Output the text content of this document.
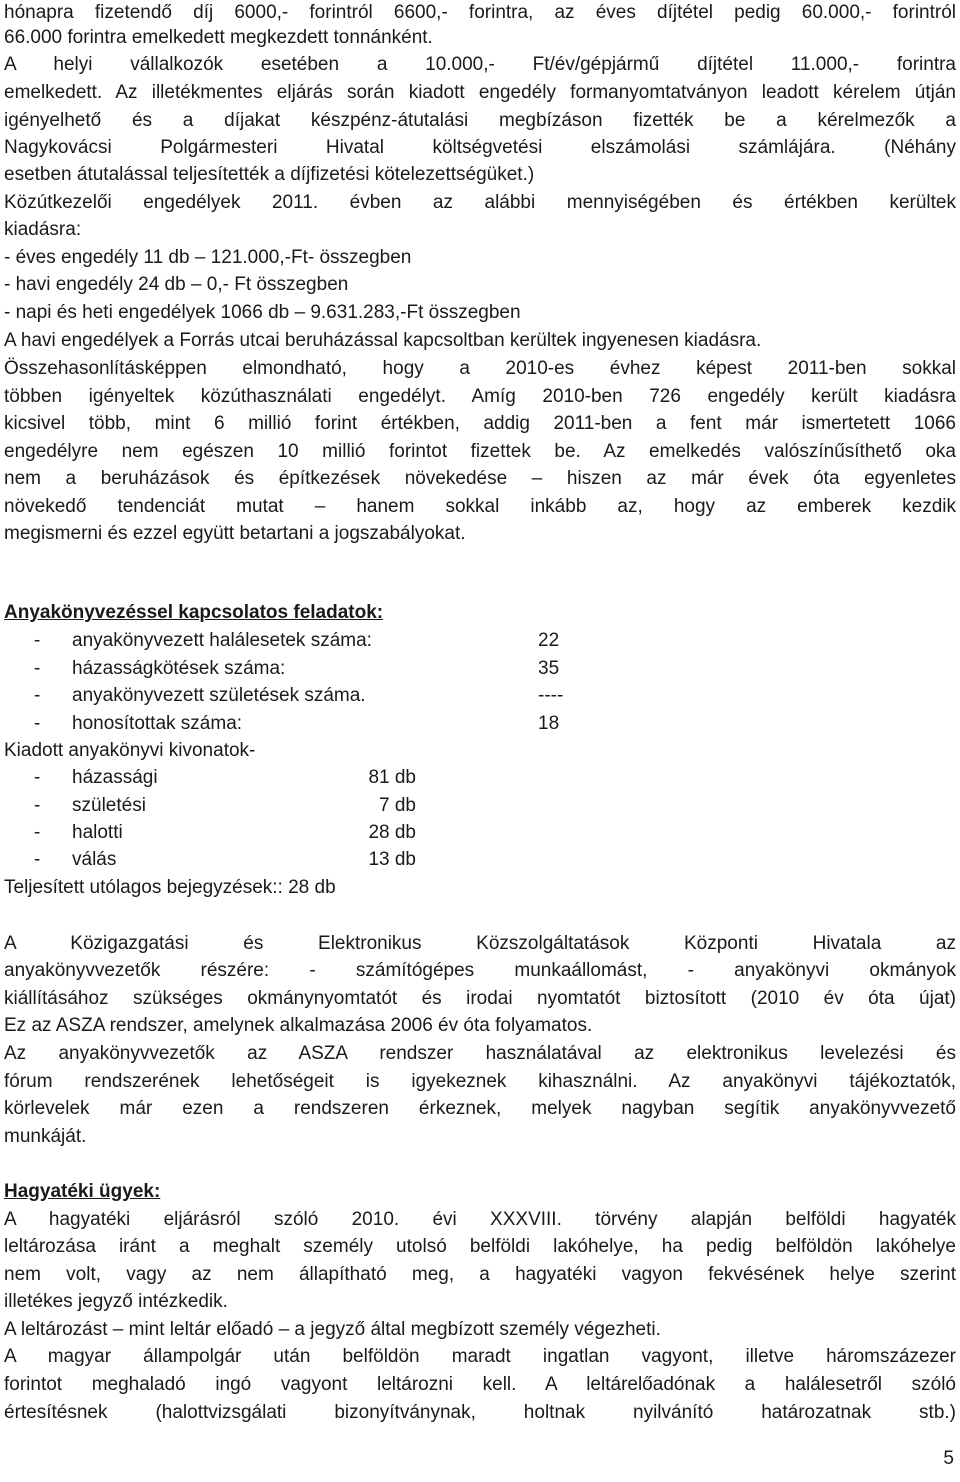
hónapra fizetendő díj 6000,- forintról 6600,- forintra, az éves díjtétel pedig 60.000,- forintról
66.000 forintra emelkedett megkezdett tonnánként.
A helyi vállalkozók esetében a 10.000,- Ft/év/gépjármű díjtétel 11.000,- forintra
emelkedett. Az illetékmentes eljárás során kiadott engedély formanyomtatványon leadott kérelem útján
igényelhető és a díjakat készpénz-átutalási megbízáson fizették be a kérelmezők a
Nagykovácsi Polgármesteri Hivatal költségvetési elszámolási számlájára. (Néhány
esetben átutalással teljesítették a díjfizetési kötelezettségüket.)
Közútkezelői engedélyek 2011. évben az alábbi mennyiségében és értékben kerültek
kiadásra:
- éves engedély 11 db – 121.000,-Ft- összegben
- havi engedély 24 db – 0,- Ft összegben
- napi és heti engedélyek 1066 db – 9.631.283,-Ft összegben
A havi engedélyek a Forrás utcai beruházással kapcsoltban kerültek ingyenesen kiadásra.
Összehasonlításképpen elmondható, hogy a 2010-es évhez képest 2011-ben sokkal
többen igényeltek közúthasználati engedélyt. Amíg 2010-ben 726 engedély került kiadásra
kicsivel több, mint 6 millió forint értékben, addig 2011-ben a fent már ismertetett 1066
engedélyre nem egészen 10 millió forintot fizettek be. Az emelkedés valószínűsíthető oka
nem a beruházások és építkezések növekedése – hiszen az már évek óta egyenletes
növekedő tendenciát mutat – hanem sokkal inkább az, hogy az emberek kezdik
megismerni és ezzel együtt betartani a jogszabályokat.
Anyakönyvezéssel kapcsolatos feladatok:
- anyakönyvezett halálesetek száma:	22
- házasságkötések száma:	35
- anyakönyvezett születések száma.	----
- honosítottak száma:	18
Kiadott anyakönyvi kivonatok-
- házassági	81 db
- születési	7 db
- halotti	28 db
- válás	13 db
Teljesített utólagos bejegyzések:: 28 db
A Közigazgatási és Elektronikus Közszolgáltatások Központi Hivatala az
anyakönyvvezetők részére: - számítógépes munkaállomást, - anyakönyvi okmányok
kiállításához szükséges okmánynyomtatót és irodai nyomtatót biztosított (2010 év óta újat)
Ez az ASZA rendszer, amelynek alkalmazása 2006 év óta folyamatos.
Az anyakönyvvezetők az ASZA rendszer használatával az elektronikus levelezési és
fórum rendszerének lehetőségeit is igyekeznek kihasználni. Az anyakönyvi tájékoztatók,
körlevelek már ezen a rendszeren érkeznek, melyek nagyban segítik anyakönyvvezető
munkáját.
Hagyatéki ügyek:
A hagyatéki eljárásról szóló 2010. évi XXXVIII. törvény alapján belföldi hagyaték
leltározása iránt a meghalt személy utolsó belföldi lakóhelye, ha pedig belföldön lakóhelye
nem volt, vagy az nem állapítható meg, a hagyatéki vagyon fekvésének helye szerint
illetékes jegyző intézkedik.
A leltározást – mint leltár előadó – a jegyző által megbízott személy végezheti.
A magyar állampolgár után belföldön maradt ingatlan vagyont, illetve háromszázezer
forintot meghaladó ingó vagyont leltározni kell. A leltárelőadónak a halálesetről szóló
értesítésnek (halottvizsgálati bizonyítványnak, holtnak nyilvánító határozatnak stb.)
5
